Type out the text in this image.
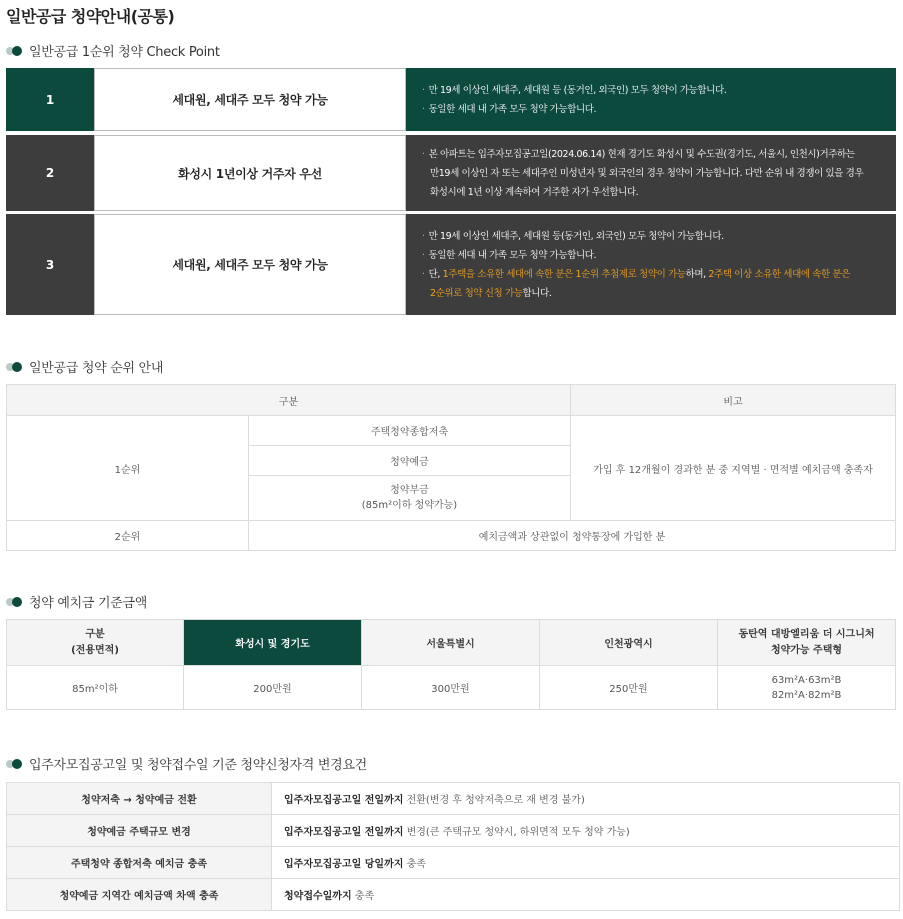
일반공급 청약안내(공통)
일반공급 1순위 청약 Check Point
1	세대원, 세대주 모두 청약 가능
· 만 19세 이상인 세대주, 세대원 등 (동거인, 외국인) 모두 청약이 가능합니다.
· 동일한 세대 내 가족 모두 청약 가능합니다.
2	화성시 1년이상 거주자 우선
· 본 아파트는 입주자모집공고일(2024.06.14) 현재 경기도 화성시 및 수도권(경기도, 서울시, 인천시)거주하는
만19세 이상인 자 또는 세대주인 미성년자 및 외국인의 경우 청약이 가능합니다. 다만 순위 내 경쟁이 있을 경우
화성시에 1년 이상 계속하여 거주한 자가 우선합니다.
3	세대원, 세대주 모두 청약 가능
· 만 19세 이상인 세대주, 세대원 등(동거인, 외국인) 모두 청약이 가능합니다.
· 동일한 세대 내 가족 모두 청약 가능합니다.
· 단, 1주택을 소유한 세대에 속한 분은 1순위 추첨제로 청약이 가능하며, 2주택 이상 소유한 세대에 속한 분은
2순위로 청약 신청 가능 합니다.
일반공급 청약 순위 안내
구분		비고
1순위	주택청약종합저축	가입 후 12개월이 경과한 분 중 지역별 · 면적별 예치금액 충족자
	청약예금	
	청약부금
(85m²이하 청약가능)	
2순위	예치금액과 상관없이 청약통장에 가입한 분	
청약 예치금 기준금액
구분
(전용면적)	화성시 및 경기도	서울특별시	인천광역시	동탄역 대방엘리움 더 시그니처
청약가능 주택형
85m²이하	200만원	300만원	250만원	63m²A·63m²B
82m²A·82m²B
입주자모집공고일 및 청약접수일 기준 청약신청자격 변경요건
청약저축 → 청약예금 전환	입주자모집공고일 전일까지 전환(변경 후 청약저축으로 재 변경 불가)
청약예금 주택규모 변경	입주자모집공고일 전일까지 변경(큰 주택규모 청약시, 하위면적 모두 청약 가능)
주택청약 종합저축 예치금 충족	입주자모집공고일 당일까지 충족
청약예금 지역간 예치금액 차액 충족	청약접수일까지 충족
